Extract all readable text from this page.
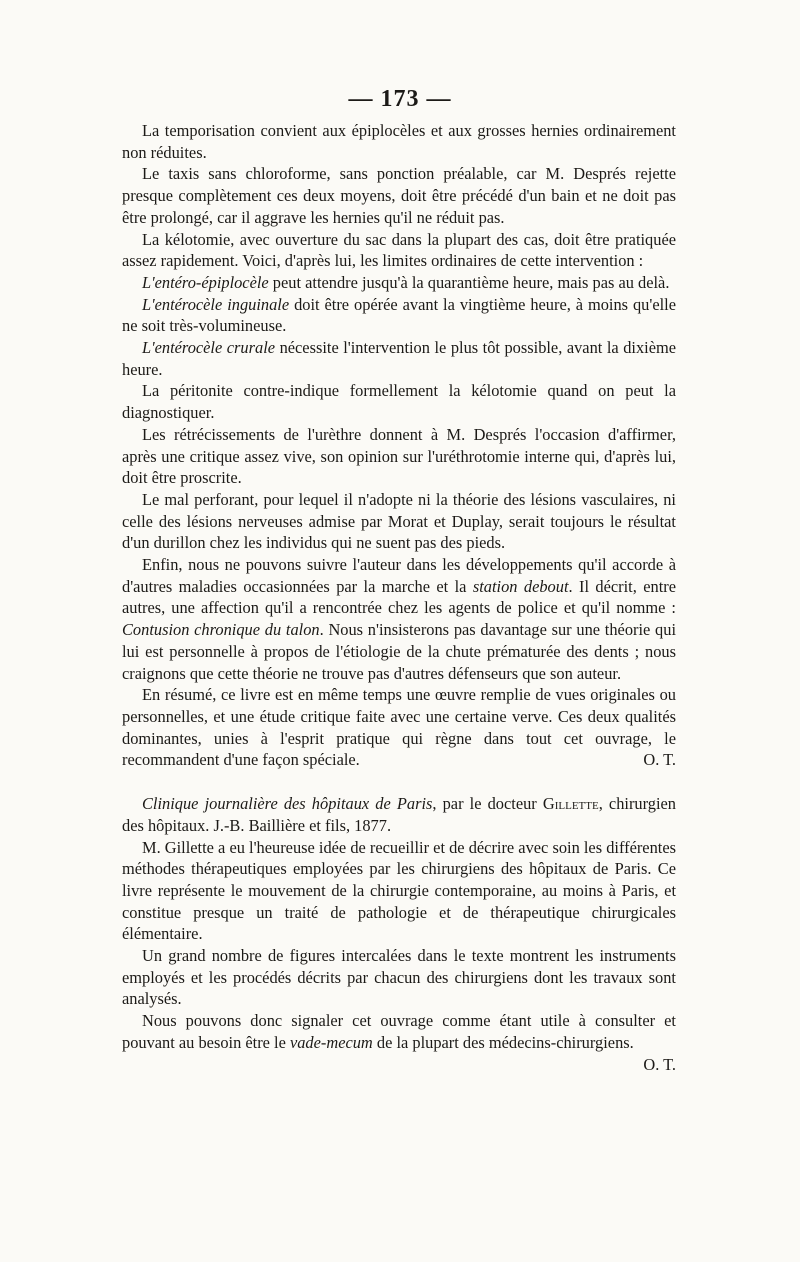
— 173 —

La temporisation convient aux épiplocèles et aux grosses hernies ordinairement non réduites.

Le taxis sans chloroforme, sans ponction préalable, car M. Després rejette presque complètement ces deux moyens, doit être précédé d'un bain et ne doit pas être prolongé, car il aggrave les hernies qu'il ne réduit pas.

La kélotomie, avec ouverture du sac dans la plupart des cas, doit être pratiquée assez rapidement. Voici, d'après lui, les limites ordinaires de cette intervention :

L'entéro-épiplocèle peut attendre jusqu'à la quarantième heure, mais pas au delà.

L'entérocèle inguinale doit être opérée avant la vingtième heure, à moins qu'elle ne soit très-volumineuse.

L'entérocèle crurale nécessite l'intervention le plus tôt possible, avant la dixième heure.

La péritonite contre-indique formellement la kélotomie quand on peut la diagnostiquer.

Les rétrécissements de l'urèthre donnent à M. Després l'occasion d'affirmer, après une critique assez vive, son opinion sur l'uréthrotomie interne qui, d'après lui, doit être proscrite.

Le mal perforant, pour lequel il n'adopte ni la théorie des lésions vasculaires, ni celle des lésions nerveuses admise par Morat et Duplay, serait toujours le résultat d'un durillon chez les individus qui ne suent pas des pieds.

Enfin, nous ne pouvons suivre l'auteur dans les développements qu'il accorde à d'autres maladies occasionnées par la marche et la station debout. Il décrit, entre autres, une affection qu'il a rencontrée chez les agents de police et qu'il nomme : Contusion chronique du talon. Nous n'insisterons pas davantage sur une théorie qui lui est personnelle à propos de l'étiologie de la chute prématurée des dents ; nous craignons que cette théorie ne trouve pas d'autres défenseurs que son auteur.

En résumé, ce livre est en même temps une œuvre remplie de vues originales ou personnelles, et une étude critique faite avec une certaine verve. Ces deux qualités dominantes, unies à l'esprit pratique qui règne dans tout cet ouvrage, le recommandent d'une façon spéciale.	O. T.

Clinique journalière des hôpitaux de Paris, par le docteur Gillette, chirurgien des hôpitaux. J.-B. Baillière et fils, 1877.

M. Gillette a eu l'heureuse idée de recueillir et de décrire avec soin les différentes méthodes thérapeutiques employées par les chirurgiens des hôpitaux de Paris. Ce livre représente le mouvement de la chirurgie contemporaine, au moins à Paris, et constitue presque un traité de pathologie et de thérapeutique chirurgicales élémentaire.

Un grand nombre de figures intercalées dans le texte montrent les instruments employés et les procédés décrits par chacun des chirurgiens dont les travaux sont analysés.

Nous pouvons donc signaler cet ouvrage comme étant utile à consulter et pouvant au besoin être le vade-mecum de la plupart des médecins-chirurgiens.
O. T.
